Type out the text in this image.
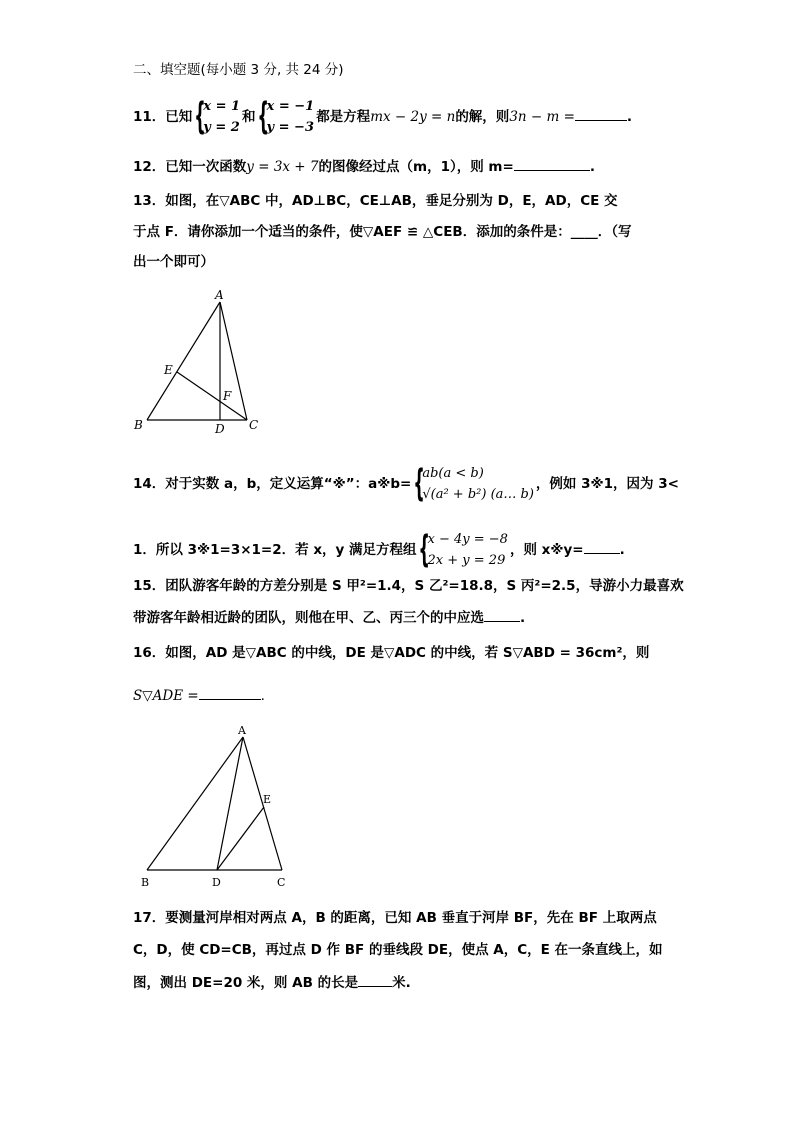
二、填空题(每小题 3 分, 共 24 分)
11．已知 {
x = 1
y = 2
和 {
x = −1
y = −3
都是方程mx − 2y = n的解，则3n − m =	.
12．已知一次函数y = 3x + 7的图像经过点（m，1），则 m=	.
13．如图，在▽ABC 中，AD⊥BC，CE⊥AB，垂足分别为 D，E，AD，CE 交
于点 F．请你添加一个适当的条件，使▽AEF ≌ △CEB．添加的条件是：____．（写
出一个即可）
A
B	C
D
E
F
14．对于实数 a，b，定义运算“※”：a※b= {
ab(a < b)
√(a² + b²) (a… b)
，例如 3※1，因为 3<
1．所以 3※1=3×1=2．若 x，y 满足方程组 {
x − 4y = −8
2x + y = 29
，则 x※y=	.
15．团队游客年龄的方差分别是 S 甲²=1.4，S 乙²=18.8，S 丙²=2.5，导游小力最喜欢
带游客年龄相近龄的团队，则他在甲、乙、丙三个的中应选	.
16．如图，AD 是▽ABC 的中线，DE 是▽ADC 的中线，若 S▽ABD = 36cm²，则
S▽ADE =	.
A
B	C
D
E
17．要测量河岸相对两点 A，B 的距离，已知 AB 垂直于河岸 BF，先在 BF 上取两点
C，D，使 CD=CB，再过点 D 作 BF 的垂线段 DE，使点 A，C，E 在一条直线上，如
图，测出 DE=20 米，则 AB 的长是	米.
